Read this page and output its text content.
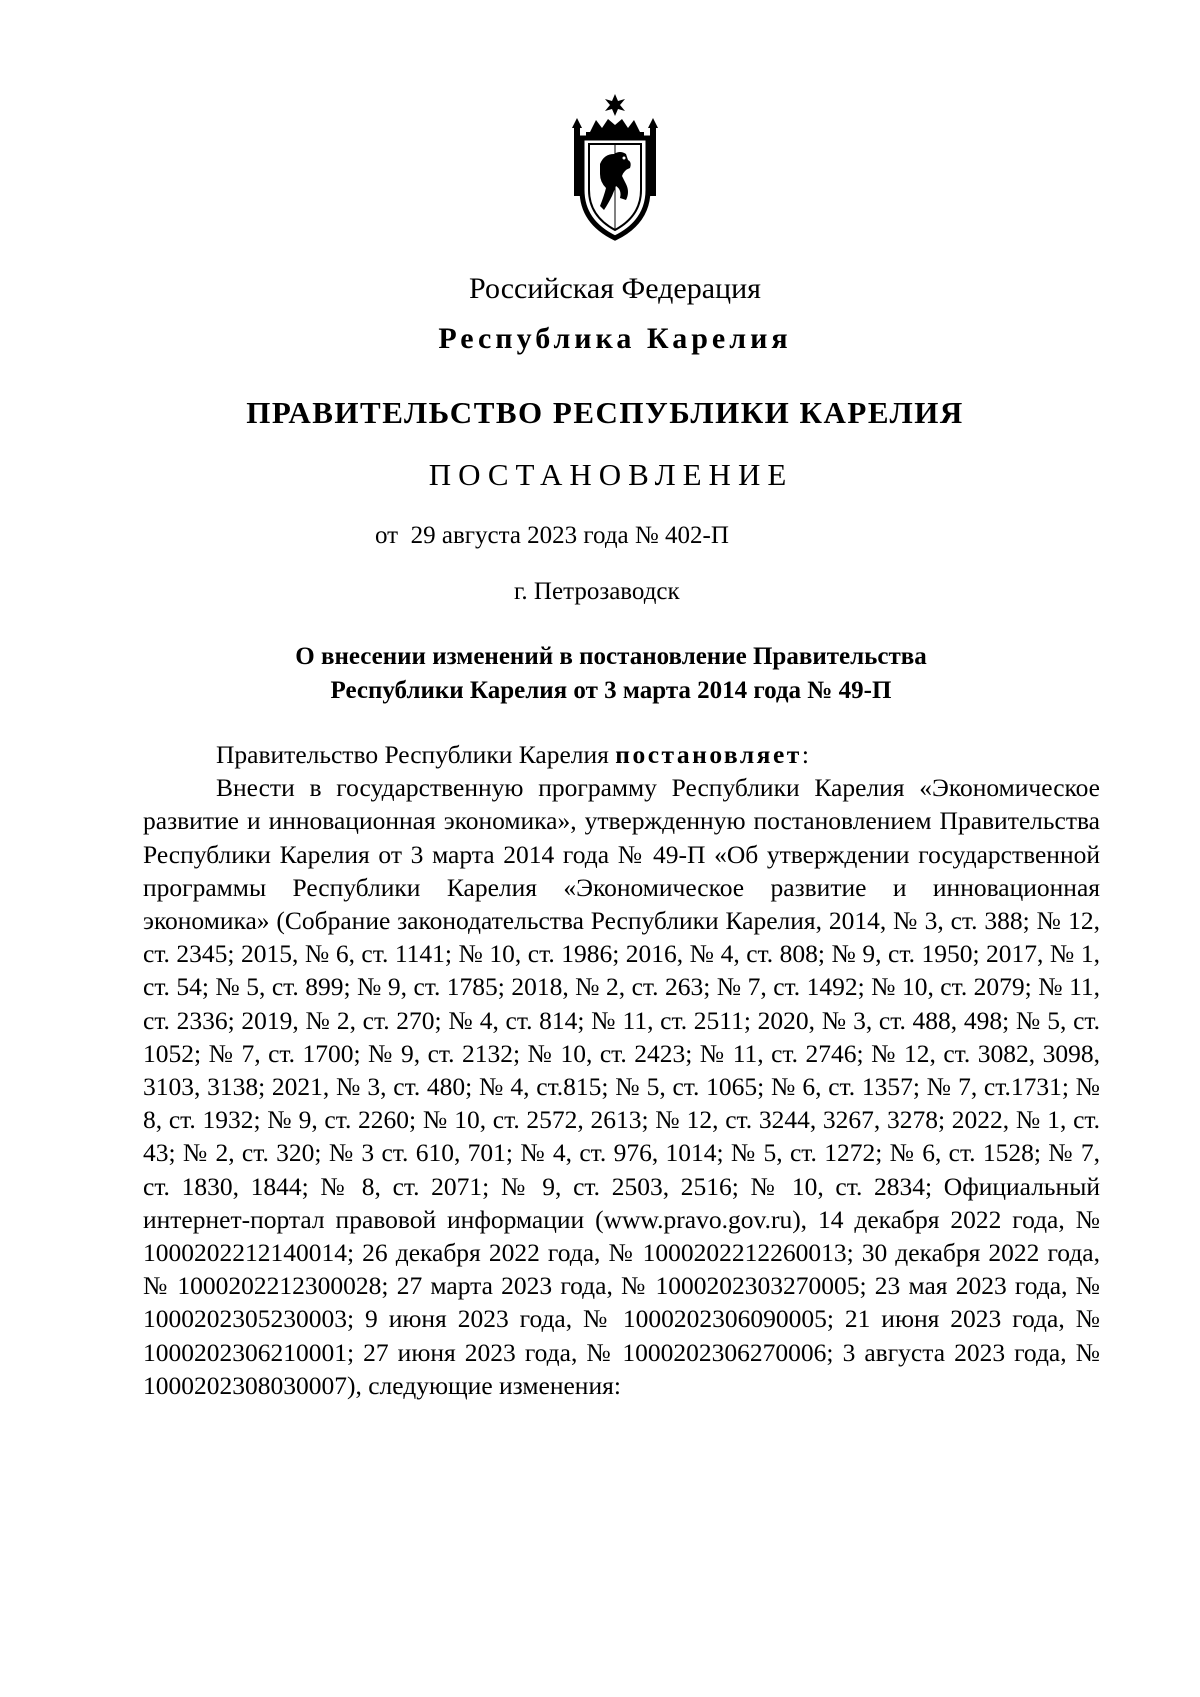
Российская Федерация
Республика Карелия
ПРАВИТЕЛЬСТВО РЕСПУБЛИКИ КАРЕЛИЯ
ПОСТАНОВЛЕНИЕ
от  29 августа 2023 года № 402-П
г. Петрозаводск
О внесении изменений в постановление Правительства
Республики Карелия от 3 марта 2014 года № 49-П

Правительство Республики Карелия постановляет:

Внести в государственную программу Республики Карелия «Экономическое развитие и инновационная экономика», утвержденную постановлением Правительства Республики Карелия от 3 марта 2014 года № 49-П «Об утверждении государственной программы Республики Карелия «Экономическое развитие и инновационная экономика» (Собрание законодательства Республики Карелия, 2014, № 3, ст. 388; № 12, ст. 2345; 2015, № 6, ст. 1141; № 10, ст. 1986; 2016, № 4, ст. 808; № 9, ст. 1950; 2017, № 1, ст. 54; № 5, ст. 899; № 9, ст. 1785; 2018, № 2, ст. 263; № 7, ст. 1492; № 10, ст. 2079; № 11, ст. 2336; 2019, № 2, ст. 270; № 4, ст. 814; № 11, ст. 2511; 2020, № 3, ст. 488, 498; № 5, ст. 1052; № 7, ст. 1700; № 9, ст. 2132; № 10, ст. 2423; № 11, ст. 2746; № 12, ст. 3082, 3098, 3103, 3138; 2021, № 3, ст. 480; № 4, ст.815; № 5, ст. 1065; № 6, ст. 1357; № 7, ст.1731; № 8, ст. 1932; № 9, ст. 2260; № 10, ст. 2572, 2613; № 12, ст. 3244, 3267, 3278; 2022, № 1, ст. 43; № 2, ст. 320; № 3 ст. 610, 701; № 4, ст. 976, 1014; № 5, ст. 1272; № 6, ст. 1528; № 7, ст. 1830, 1844; № 8, ст. 2071; № 9, ст. 2503, 2516; № 10, ст. 2834; Официальный интернет-портал правовой информации (www.pravo.gov.ru), 14 декабря 2022 года, № 1000202212140014; 26 декабря 2022 года, № 1000202212260013; 30 декабря 2022 года, № 1000202212300028; 27 марта 2023 года, № 1000202303270005; 23 мая 2023 года, № 1000202305230003; 9 июня 2023 года, № 1000202306090005; 21 июня 2023 года, № 1000202306210001; 27 июня 2023 года, № 1000202306270006; 3 августа 2023 года, № 1000202308030007), следующие изменения:
